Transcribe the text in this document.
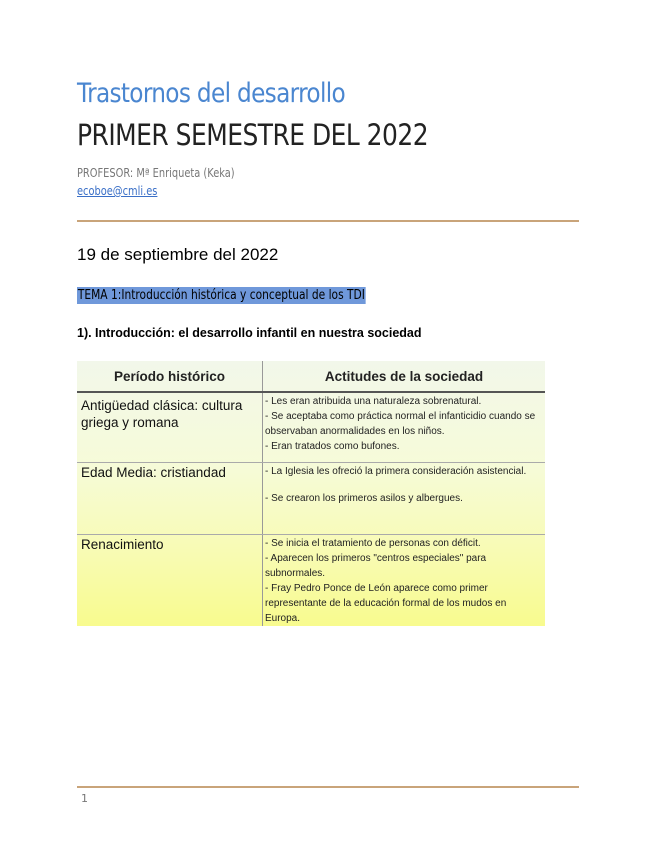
Trastornos del desarrollo
PRIMER SEMESTRE DEL 2022
PROFESOR: Mª Enriqueta (Keka)
ecoboe@cmli.es
19 de septiembre del 2022
TEMA 1:Introducción histórica y conceptual de los TDI
1). Introducción: el desarrollo infantil en nuestra sociedad
Período histórico	Actitudes de la sociedad
Antigüedad clásica: cultura griega y romana	- Les eran atribuida una naturaleza sobrenatural.

- Se aceptaba como práctica normal el infanticidio cuando se observaban anormalidades en los niños.

- Eran tratados como bufones.

Edad Media: cristiandad	- La Iglesia les ofreció la primera consideración asistencial.

- Se crearon los primeros asilos y albergues.

Renacimiento	- Se inicia el tratamiento de personas con déficit.

- Aparecen los primeros "centros especiales" para subnormales.

- Fray Pedro Ponce de León aparece como primer representante de la educación formal de los mudos en Europa.

1
